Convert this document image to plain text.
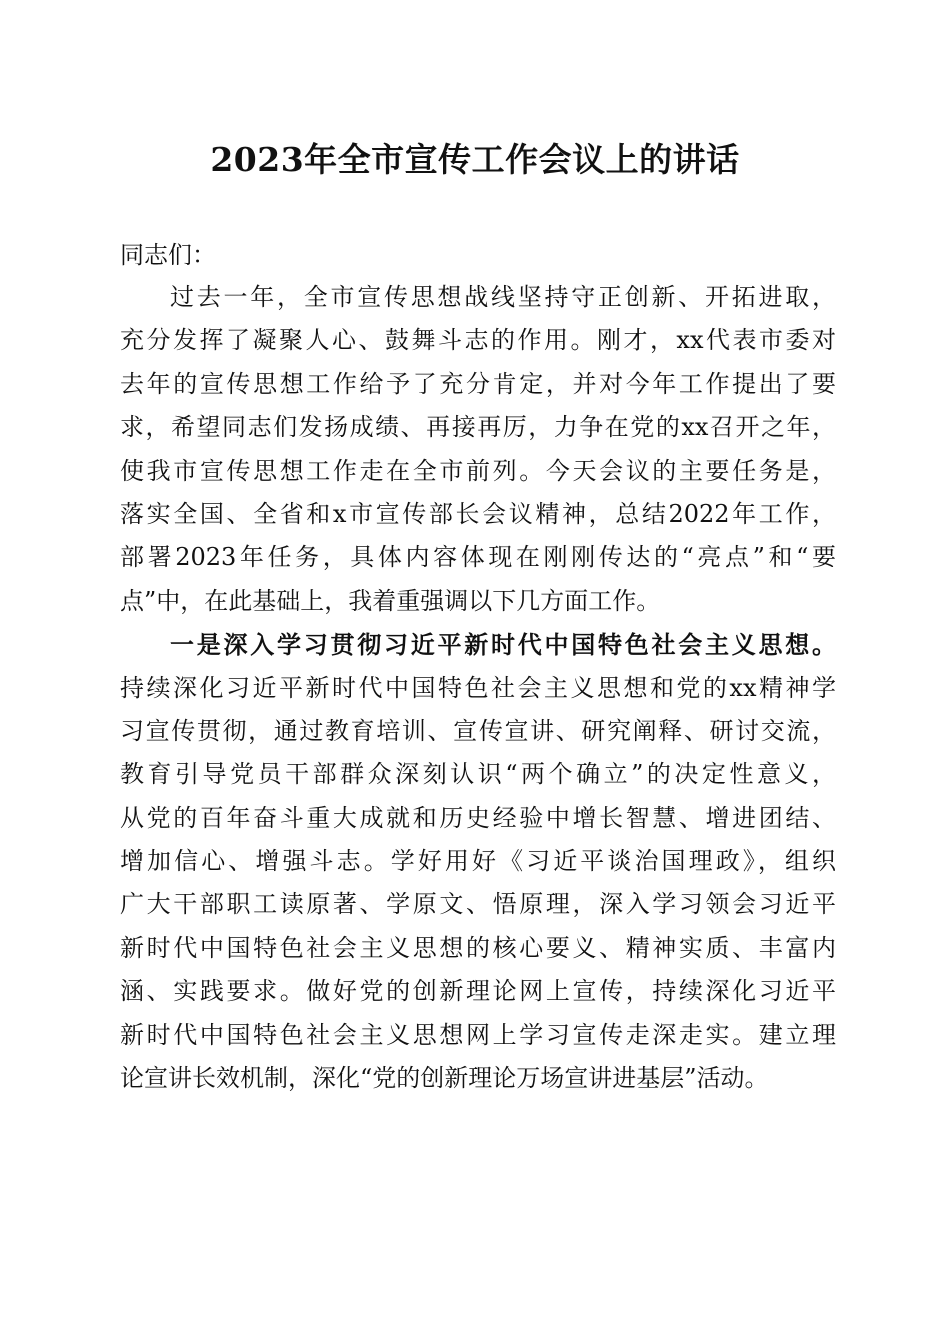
2023年全市宣传工作会议上的讲话

同志们：

过去一年，全市宣传思想战线坚持守正创新、开拓进取，
充分发挥了凝聚人心、鼓舞斗志的作用。刚才，xx代表市委对
去年的宣传思想工作给予了充分肯定，并对今年工作提出了要
求，希望同志们发扬成绩、再接再厉，力争在党的xx召开之年，
使我市宣传思想工作走在全市前列。今天会议的主要任务是，
落实全国、全省和x市宣传部长会议精神，总结2022年工作，
部署2023年任务，具体内容体现在刚刚传达的“亮点”和“要
点”中，在此基础上，我着重强调以下几方面工作。
一是深入学习贯彻习近平新时代中国特色社会主义思想。
持续深化习近平新时代中国特色社会主义思想和党的xx精神学
习宣传贯彻，通过教育培训、宣传宣讲、研究阐释、研讨交流，
教育引导党员干部群众深刻认识“两个确立”的决定性意义，
从党的百年奋斗重大成就和历史经验中增长智慧、增进团结、
增加信心、增强斗志。学好用好《习近平谈治国理政》，组织
广大干部职工读原著、学原文、悟原理，深入学习领会习近平
新时代中国特色社会主义思想的核心要义、精神实质、丰富内
涵、实践要求。做好党的创新理论网上宣传，持续深化习近平
新时代中国特色社会主义思想网上学习宣传走深走实。建立理
论宣讲长效机制，深化“党的创新理论万场宣讲进基层”活动。
